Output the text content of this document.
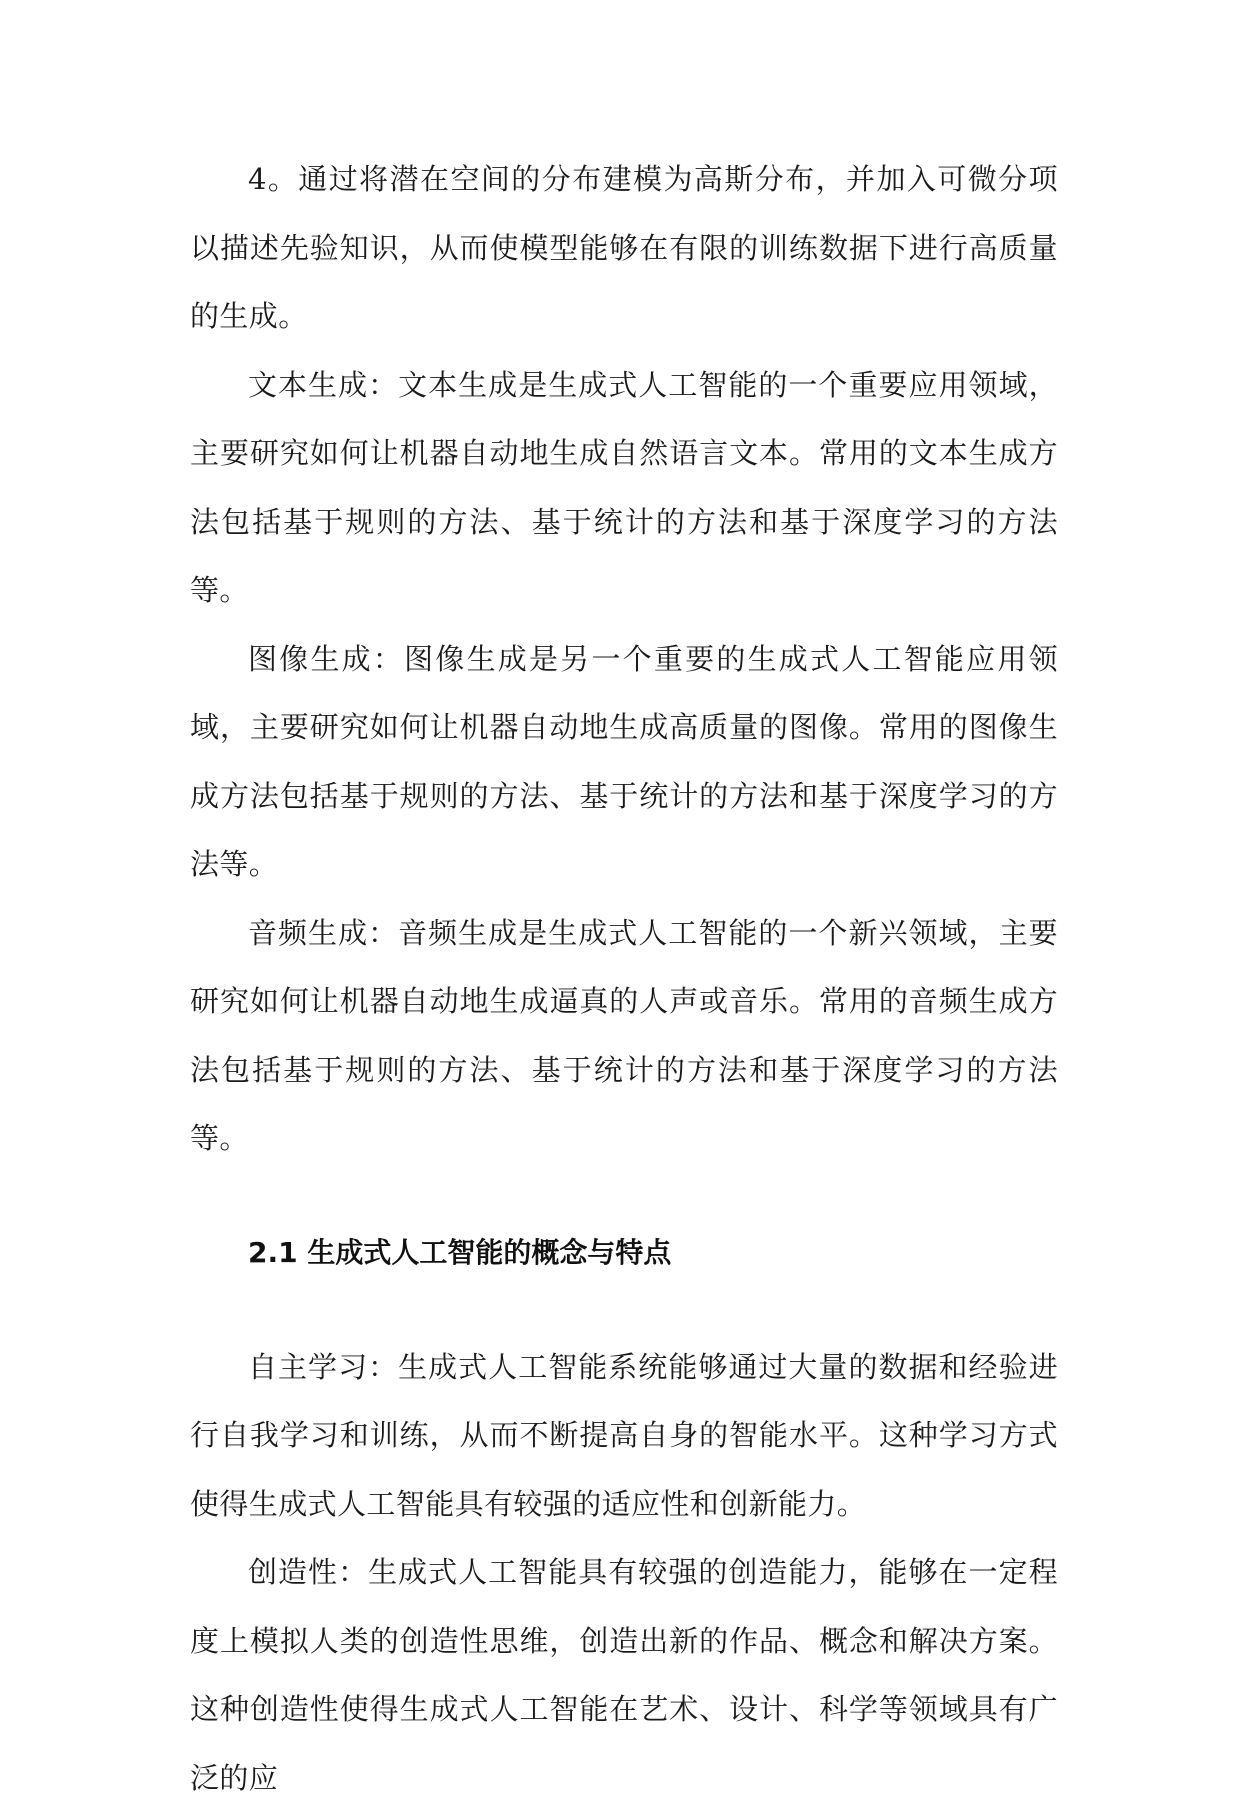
4。通过将潜在空间的分布建模为高斯分布，并加入可微分项以描述先验知识，从而使模型能够在有限的训练数据下进行高质量的生成。

文本生成：文本生成是生成式人工智能的一个重要应用领域，主要研究如何让机器自动地生成自然语言文本。常用的文本生成方法包括基于规则的方法、基于统计的方法和基于深度学习的方法等。

图像生成：图像生成是另一个重要的生成式人工智能应用领域，主要研究如何让机器自动地生成高质量的图像。常用的图像生成方法包括基于规则的方法、基于统计的方法和基于深度学习的方法等。

音频生成：音频生成是生成式人工智能的一个新兴领域，主要研究如何让机器自动地生成逼真的人声或音乐。常用的音频生成方法包括基于规则的方法、基于统计的方法和基于深度学习的方法等。

2.1 生成式人工智能的概念与特点

自主学习：生成式人工智能系统能够通过大量的数据和经验进行自我学习和训练，从而不断提高自身的智能水平。这种学习方式使得生成式人工智能具有较强的适应性和创新能力。

创造性：生成式人工智能具有较强的创造能力，能够在一定程度上模拟人类的创造性思维，创造出新的作品、概念和解决方案。这种创造性使得生成式人工智能在艺术、设计、科学等领域具有广泛的应
